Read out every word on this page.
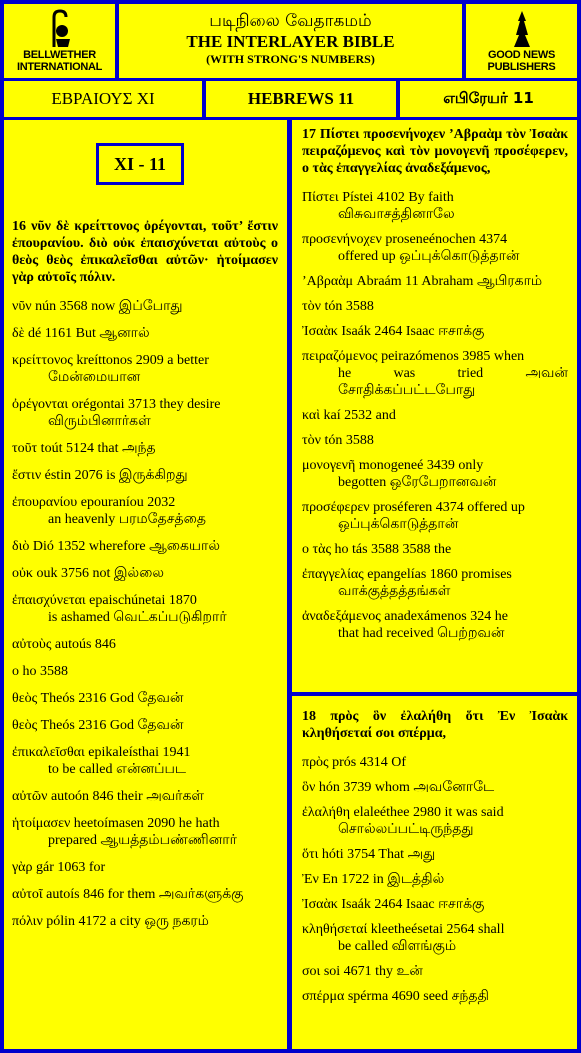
BELLWETHER
INTERNATIONAL
படிநிலை வேதாகமம்
THE INTERLAYER BIBLE
(WITH STRONG'S NUMBERS)	GOOD NEWS
PUBLISHERS
ΕΒΡΑΙΟΥΣ XI	HEBREWS 11	எபிரேயர் 11
XI - 11

16 νῦν δὲ κρείττονος ὀρέγονται, τοῦτ’ ἔστιν ἐπουρανίου. διὸ οὐκ ἐπαισχύνεται αὐτοὺς ο θεὸς θεὸς ἐπικαλεῖσθαι αὐτῶν· ἡτοίμασεν γὰρ αὐτοῖς πόλιν.

νῦν nún 3568 now இப்போது
δὲ dé 1161 But ஆனால்
κρείττονος kreíttonos 2909 a better
மேன்மையான
ὀρέγονται orégontai 3713 they desire
விரும்பினார்கள்
τοῦτ toút 5124 that அந்த
ἔστιν éstin 2076 is இருக்கிறது
ἐπουρανίου epouraníou 2032
an heavenly பரமதேசத்தை
διὸ Dió 1352 wherefore ஆகையால்
οὐκ ouk 3756 not இல்லை
ἐπαισχύνεται epaischúnetai 1870
is ashamed வெட்கப்படுகிறார்
αὐτοὺς autoús 846
ο ho 3588
θεὸς Theós 2316 God தேவன்
θεὸς Theós 2316 God தேவன்
ἐπικαλεῖσθαι epikaleísthai 1941
to be called என்னப்பட
αὐτῶν autoón 846 their அவர்கள்
ἡτοίμασεν heetoímasen 2090 he hath
prepared ஆயத்தம்பண்ணினார்
γὰρ gár 1063 for
αὐτοῖ autoís 846 for them அவர்களுக்கு
πόλιν pólin 4172 a city ஒரு நகரம்

17 Πίστει προσενήνοχεν ’Αβραὰμ τὸν Ἰσαὰκ πειραζόμενος καὶ τὸν μονογενῆ προσέφερεν, ο τὰς ἐπαγγελίας ἀναδεξάμενος,

Πίστει Pístei 4102 By faith
விசுவாசத்தினாலே
προσενήνοχεν proseneénochen 4374
offered up ஒப்புக்கொடுத்தான்
’Αβραὰμ Abraám 11 Abraham ஆபிரகாம்
τὸν tón 3588
Ἰσαὰκ Isaák 2464 Isaac ஈசாக்கு
πειραζόμενος peirazómenos 3985 when
he was tried அவன் சோதிக்கப்பட்டபோது
καὶ kaí 2532 and
τὸν tón 3588
μονογενῆ monogeneé 3439 only
begotten ஒரேபேறானவன்
προσέφερεν proséferen 4374 offered up
ஒப்புக்கொடுத்தான்
ο τὰς ho tás 3588 3588 the
ἐπαγγελίας epangelías 1860 promises
வாக்குத்தத்தங்கள்
ἀναδεξάμενος anadexámenos 324 he
that had received பெற்றவன்

18 πρὸς ὃν ἐλαλήθη ὅτι Ἐν Ἰσαὰκ κληθήσεταί σοι σπέρμα,

πρὸς prós 4314 Of
ὃν hón 3739 whom அவனோடே
ἐλαλήθη elaleéthee 2980 it was said
சொல்லப்பட்டிருந்தது
ὅτι hóti 3754 That அது
Ἐν En 1722 in இடத்தில்
Ἰσαὰκ Isaák 2464 Isaac ஈசாக்கு
κληθήσεταί kleetheésetai 2564 shall
be called விளங்கும்
σοι soi 4671 thy உன்
σπέρμα spérma 4690 seed சந்ததி
